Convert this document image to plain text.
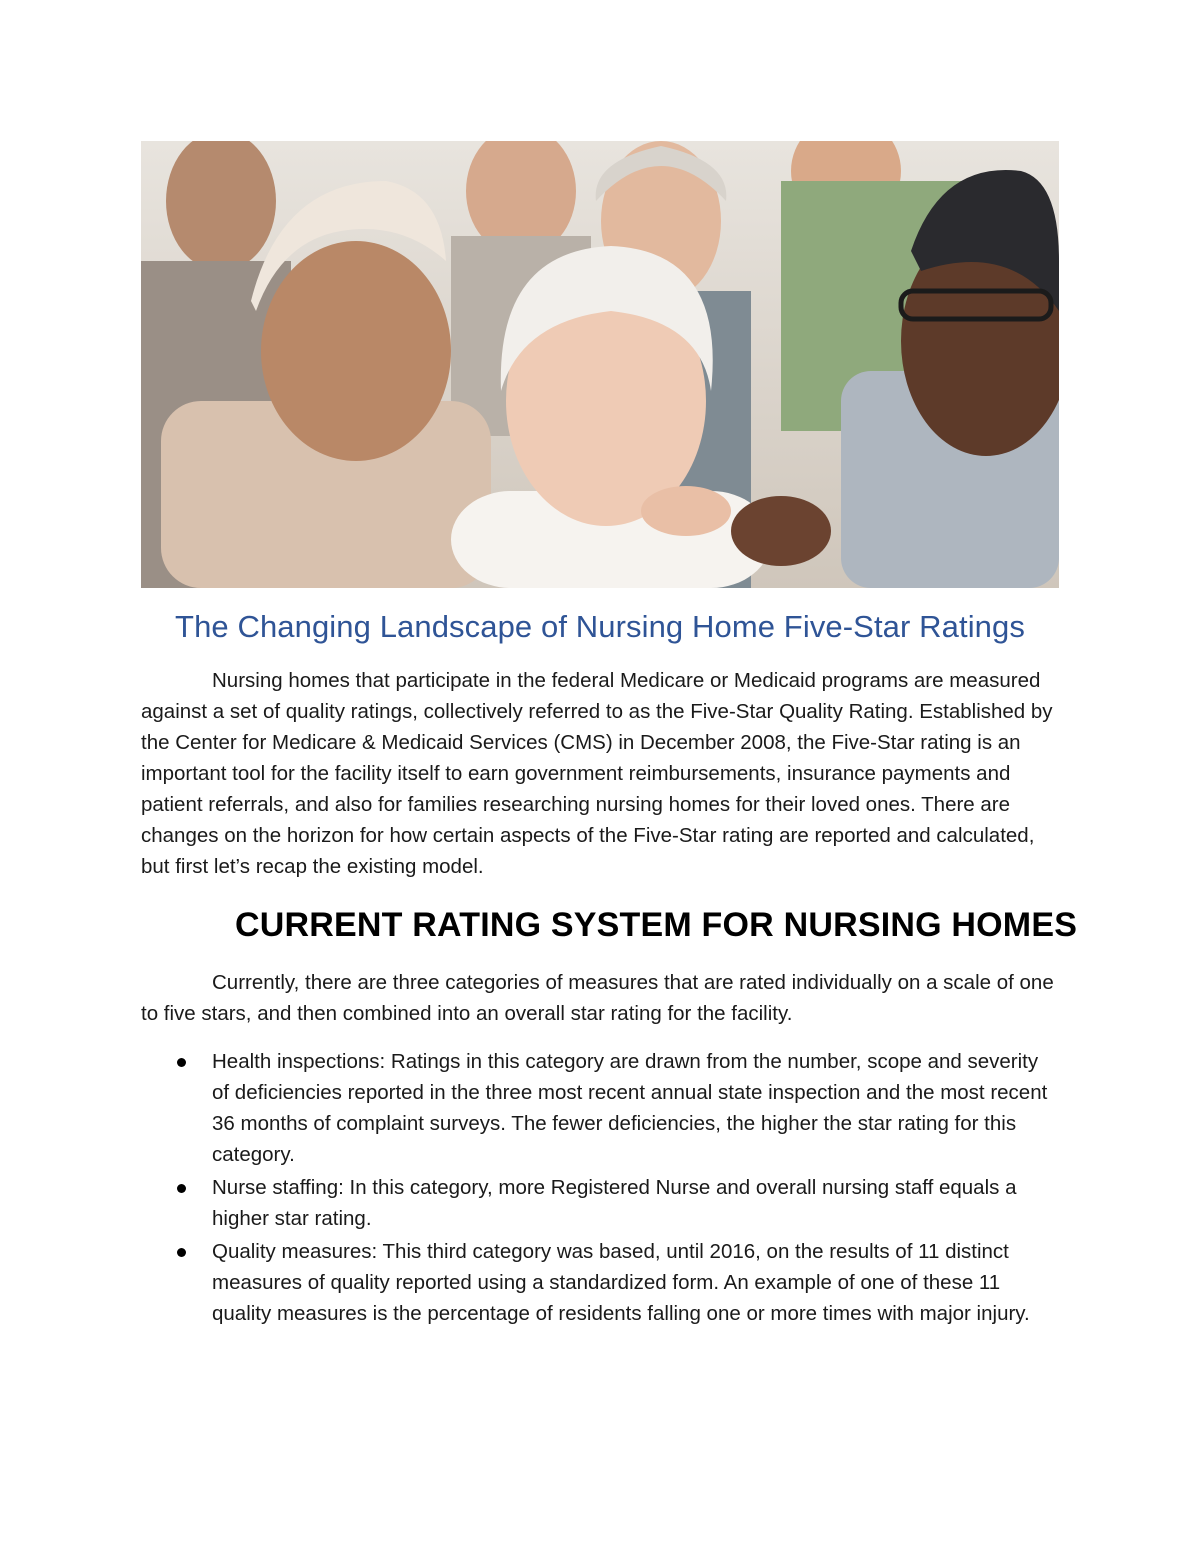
The Changing Landscape of Nursing Home Five-Star Ratings

Nursing homes that participate in the federal Medicare or Medicaid programs are measured against a set of quality ratings, collectively referred to as the Five-Star Quality Rating. Established by the Center for Medicare & Medicaid Services (CMS) in December 2008, the Five-Star rating is an important tool for the facility itself to earn government reimbursements, insurance payments and patient referrals, and also for families researching nursing homes for their loved ones. There are changes on the horizon for how certain aspects of the Five-Star rating are reported and calculated, but first let’s recap the existing model.

CURRENT RATING SYSTEM FOR NURSING HOMES

Currently, there are three categories of measures that are rated individually on a scale of one to five stars, and then combined into an overall star rating for the facility.

Health inspections: Ratings in this category are drawn from the number, scope and severity of deficiencies reported in the three most recent annual state inspection and the most recent 36 months of complaint surveys. The fewer deficiencies, the higher the star rating for this category.
Nurse staffing: In this category, more Registered Nurse and overall nursing staff equals a higher star rating.
Quality measures: This third category was based, until 2016, on the results of 11 distinct measures of quality reported using a standardized form. An example of one of these 11 quality measures is the percentage of residents falling one or more times with major injury.
